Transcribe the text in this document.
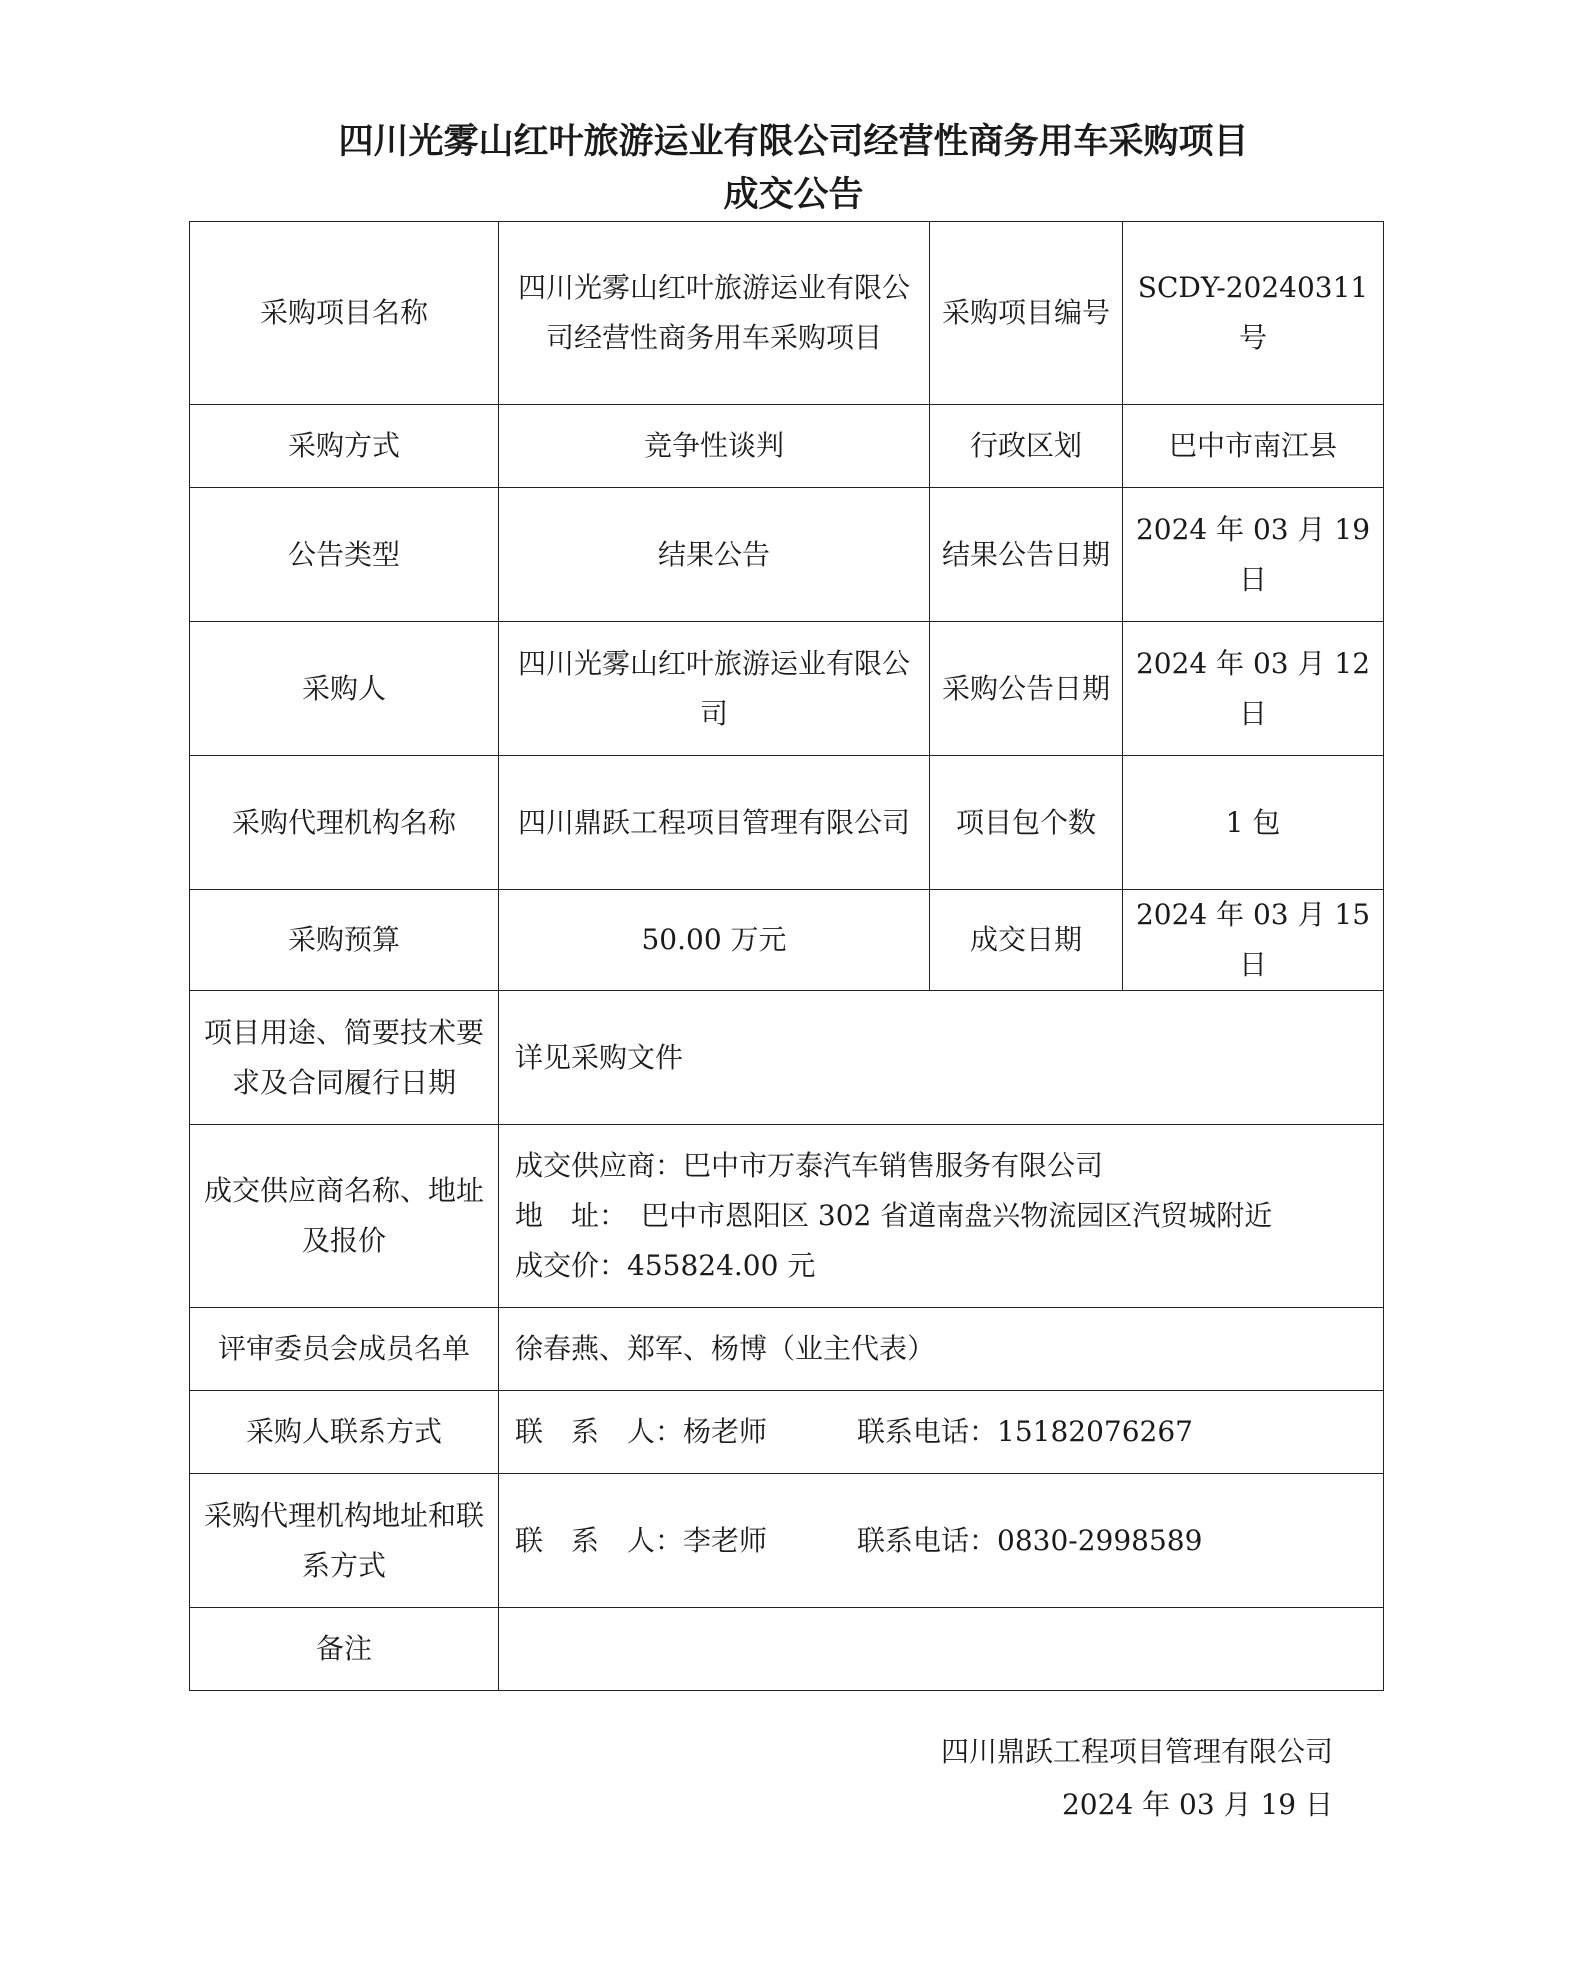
四川光雾山红叶旅游运业有限公司经营性商务用车采购项目
成交公告
采购项目名称	四川光雾山红叶旅游运业有限公司经营性商务用车采购项目	采购项目编号	SCDY-20240311 号
采购方式	竞争性谈判	行政区划	巴中市南江县
公告类型	结果公告	结果公告日期	2024 年 03 月 19 日
采购人	四川光雾山红叶旅游运业有限公司	采购公告日期	2024 年 03 月 12 日
采购代理机构名称	四川鼎跃工程项目管理有限公司	项目包个数	1 包
采购预算	50.00 万元	成交日期	2024 年 03 月 15 日
项目用途、简要技术要求及合同履行日期	详见采购文件		
成交供应商名称、地址及报价	成交供应商：巴中市万泰汽车销售服务有限公司
地　址：　巴中市恩阳区 302 省道南盘兴物流园区汽贸城附近
成交价：455824.00 元		

评审委员会成员名单	徐春燕、郑军、杨博（业主代表）		
采购人联系方式	联　系　人：杨老师 联系电话：15182076267		
采购代理机构地址和联系方式	联　系　人：李老师 联系电话：0830-2998589		
备注			
四川鼎跃工程项目管理有限公司
2024 年 03 月 19 日
